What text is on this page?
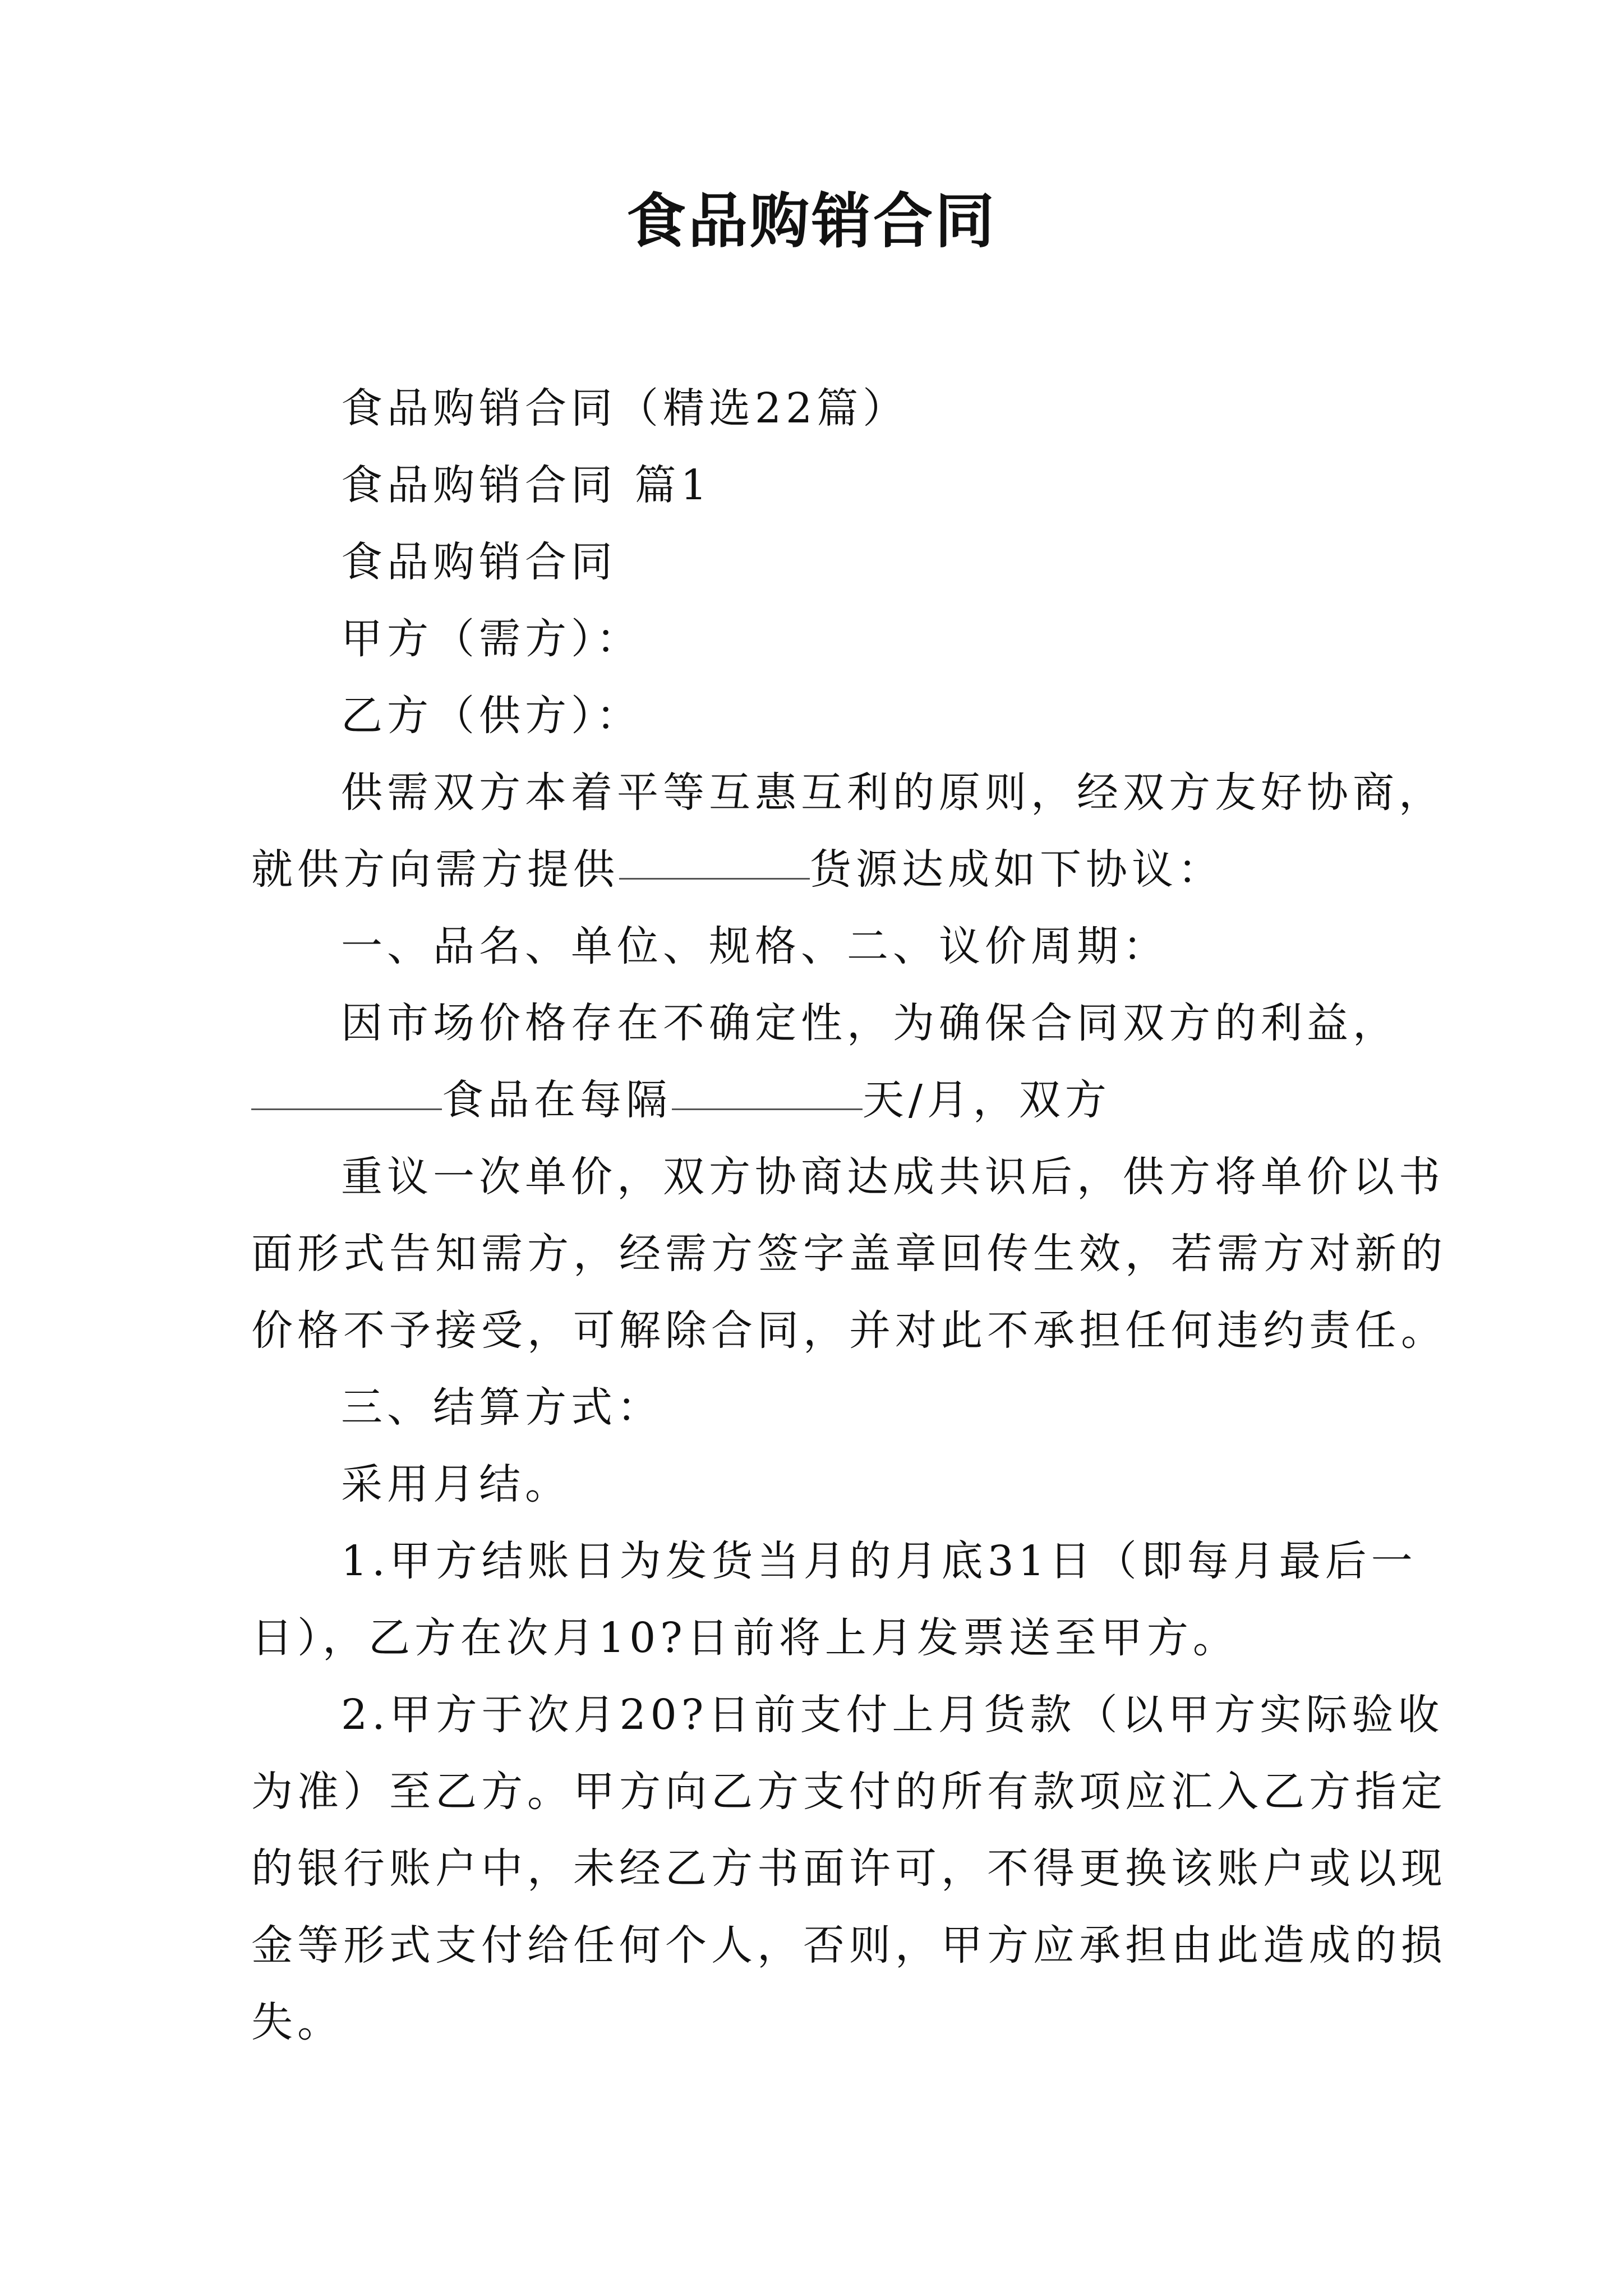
食品购销合同
食品购销合同（精选22篇）
食品购销合同 篇1
食品购销合同
甲方（需方）：
乙方（供方）：
供需双方本着平等互惠互利的原则，经双方友好协商，
就供方向需方提供	货源达成如下协议：
一、品名、单位、规格、二、议价周期：
因市场价格存在不确定性，为确保合同双方的利益，
食品在每隔	天/月，双方
重议一次单价，双方协商达成共识后，供方将单价以书
面形式告知需方，经需方签字盖章回传生效，若需方对新的
价格不予接受，可解除合同，并对此不承担任何违约责任。
三、结算方式：
采用月结。
1.甲方结账日为发货当月的月底31日（即每月最后一
日），乙方在次月10?日前将上月发票送至甲方。
2.甲方于次月20?日前支付上月货款（以甲方实际验收
为准）至乙方。甲方向乙方支付的所有款项应汇入乙方指定
的银行账户中，未经乙方书面许可，不得更换该账户或以现
金等形式支付给任何个人，否则，甲方应承担由此造成的损
失。
